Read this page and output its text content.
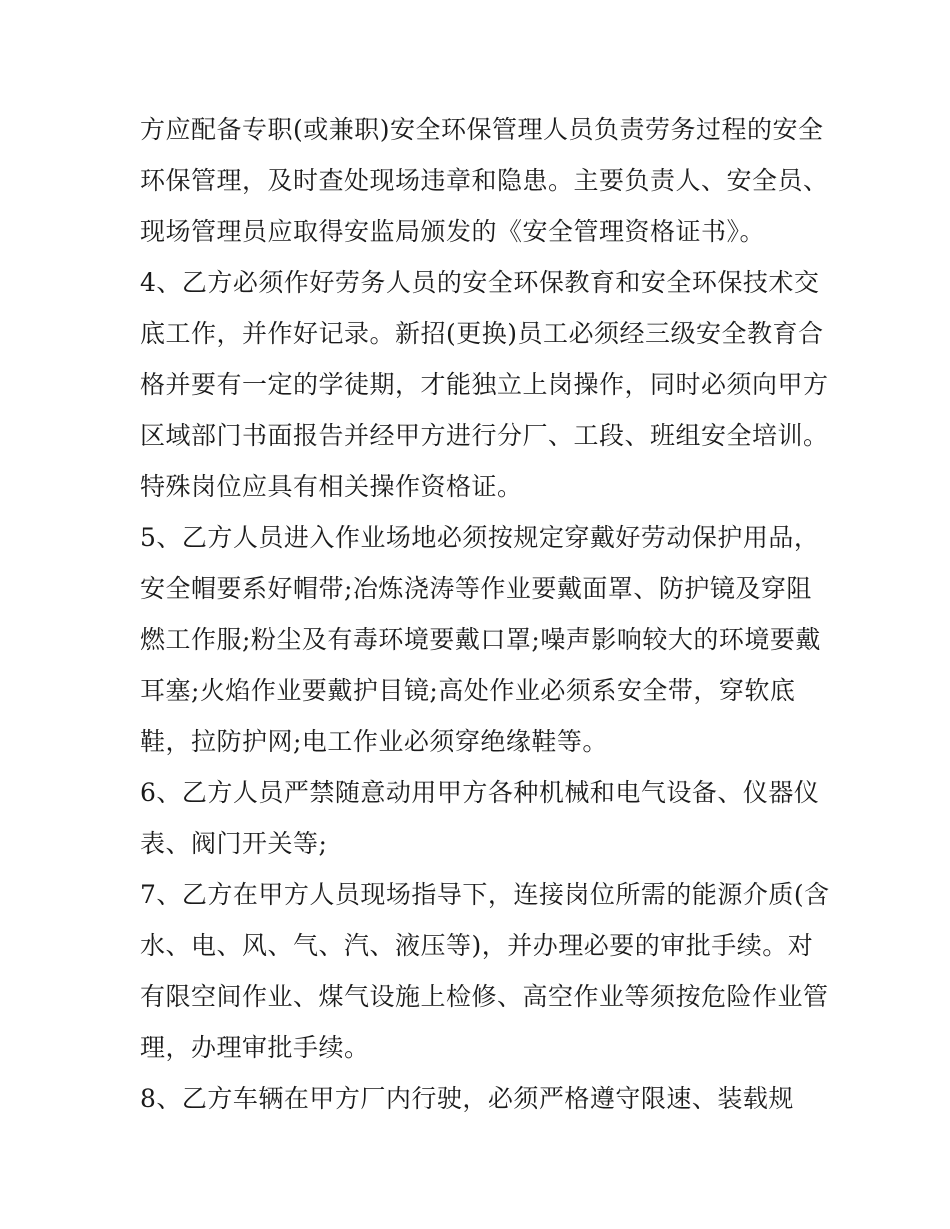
方应配备专职(或兼职)安全环保管理人员负责劳务过程的安全
环保管理，及时查处现场违章和隐患。主要负责人、安全员、
现场管理员应取得安监局颁发的《安全管理资格证书》。
4、乙方必须作好劳务人员的安全环保教育和安全环保技术交
底工作，并作好记录。新招(更换)员工必须经三级安全教育合
格并要有一定的学徒期，才能独立上岗操作，同时必须向甲方
区域部门书面报告并经甲方进行分厂、工段、班组安全培训。
特殊岗位应具有相关操作资格证。
5、乙方人员进入作业场地必须按规定穿戴好劳动保护用品，
安全帽要系好帽带;冶炼浇涛等作业要戴面罩、防护镜及穿阻
燃工作服;粉尘及有毒环境要戴口罩;噪声影响较大的环境要戴
耳塞;火焰作业要戴护目镜;高处作业必须系安全带，穿软底
鞋，拉防护网;电工作业必须穿绝缘鞋等。
6、乙方人员严禁随意动用甲方各种机械和电气设备、仪器仪
表、阀门开关等;
7、乙方在甲方人员现场指导下，连接岗位所需的能源介质(含
水、电、风、气、汽、液压等)，并办理必要的审批手续。对
有限空间作业、煤气设施上检修、高空作业等须按危险作业管
理，办理审批手续。
8、乙方车辆在甲方厂内行驶，必须严格遵守限速、装载规
